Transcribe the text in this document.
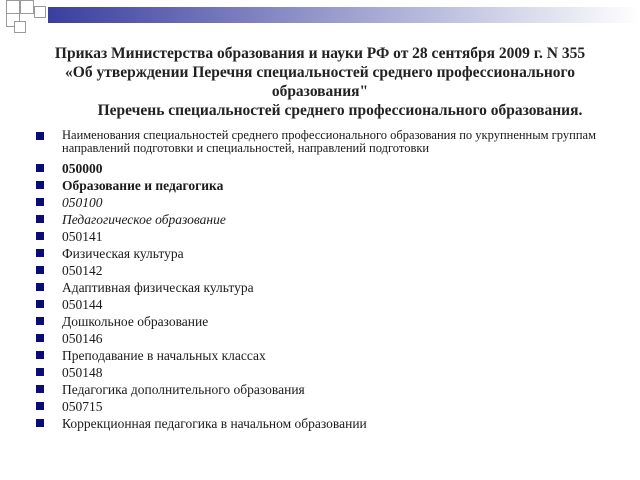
Приказ Министерства образования и науки РФ от 28 сентября 2009 г. N 355
«Об утверждении Перечня специальностей среднего профессионального
образования"
Перечень специальностей среднего профессионального образования.
Наименования специальностей среднего профессионального образования по укрупненным группам направлений подготовки и специальностей, направлений подготовки
050000
Образование и педагогика
050100
Педагогическое образование
050141
Физическая культура
050142
Адаптивная физическая культура
050144
Дошкольное образование
050146
Преподавание в начальных классах
050148
Педагогика дополнительного образования
050715
Коррекционная педагогика в начальном образовании
